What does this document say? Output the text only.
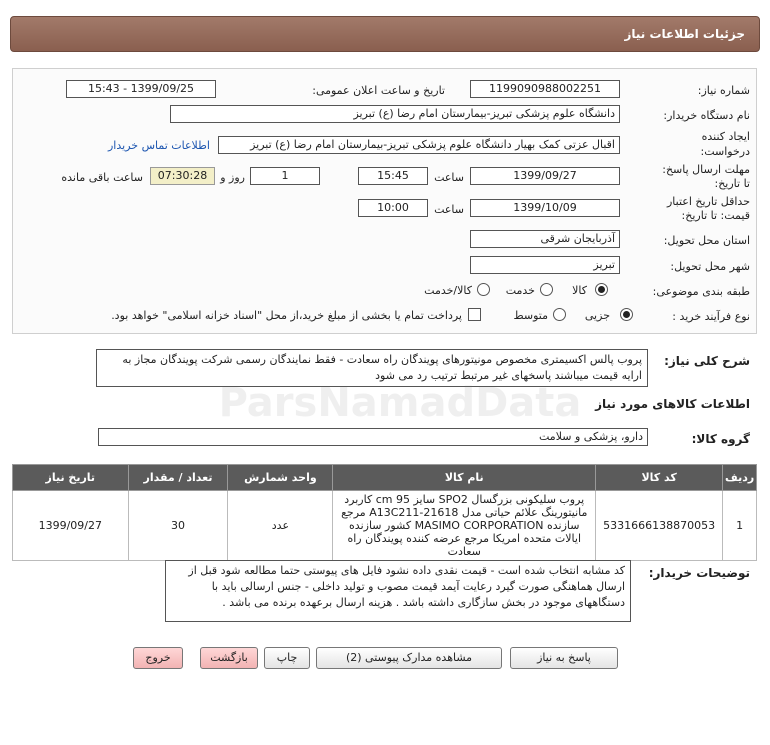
جزئیات اطلاعات نیاز
شماره نیاز:
1199090988002251
تاریخ و ساعت اعلان عمومی:
1399/09/25 - 15:43
نام دستگاه خریدار:
دانشگاه علوم پزشکی تبریز-بیمارستان امام رضا (ع) تبریز
ایجاد کننده
درخواست:
اقبال عزتی کمک بهیار دانشگاه علوم پزشکی تبریز-بیمارستان امام رضا (ع) تبریز
اطلاعات تماس خریدار
مهلت ارسال پاسخ:
تا تاریخ:
1399/09/27
ساعت
15:45
1
روز و
07:30:28
ساعت باقی مانده
حداقل تاریخ اعتبار
قیمت: تا تاریخ:
1399/10/09
ساعت
10:00
استان محل تحویل:
آذربایجان شرقی
شهر محل تحویل:
تبریز
طبقه بندی موضوعی:
کالا
خدمت
کالا/خدمت
نوع فرآیند خرید :
جزیی
متوسط
پرداخت تمام یا بخشی از مبلغ خرید،از محل "اسناد خزانه اسلامی" خواهد بود.
شرح کلی نیاز:
پروب پالس اکسیمتری مخصوص مونیتورهای پویندگان راه سعادت - فقط نمایندگان رسمی شرکت پویندگان مجاز به ارایه قیمت میباشند پاسخهای غیر مرتبط ترتیب رد می شود
ParsNamadData	اطلاعات کالاهای مورد نیاز
گروه کالا:
دارو، پزشکی و سلامت
ردیف	کد کالا	نام کالا	واحد شمارش	تعداد / مقدار	تاریخ نیاز
1	5331666138870053	پروب سلیکونی بزرگسال SPO2 سایز 95 cm کاربرد مانیتورینگ علائم حیاتی مدل A13C211-21618 مرجع سازنده MASIMO CORPORATION کشور سازنده ایالات متحده امریکا مرجع عرضه کننده پویندگان راه سعادت	عدد	30	1399/09/27
توضیحات خریدار:
کد مشابه انتخاب شده است - قیمت نقدی داده نشود فایل های پیوستی حتما مطالعه شود قبل از ارسال هماهنگی صورت گیرد رعایت آیمد قیمت مصوب و تولید داخلی - جنس ارسالی باید با دستگاههای موجود در بخش سازگاری داشته باشد . هزینه ارسال برعهده برنده می باشد .
پاسخ به نیاز
مشاهده مدارک پیوستی (2)
چاپ
بازگشت
خروج
